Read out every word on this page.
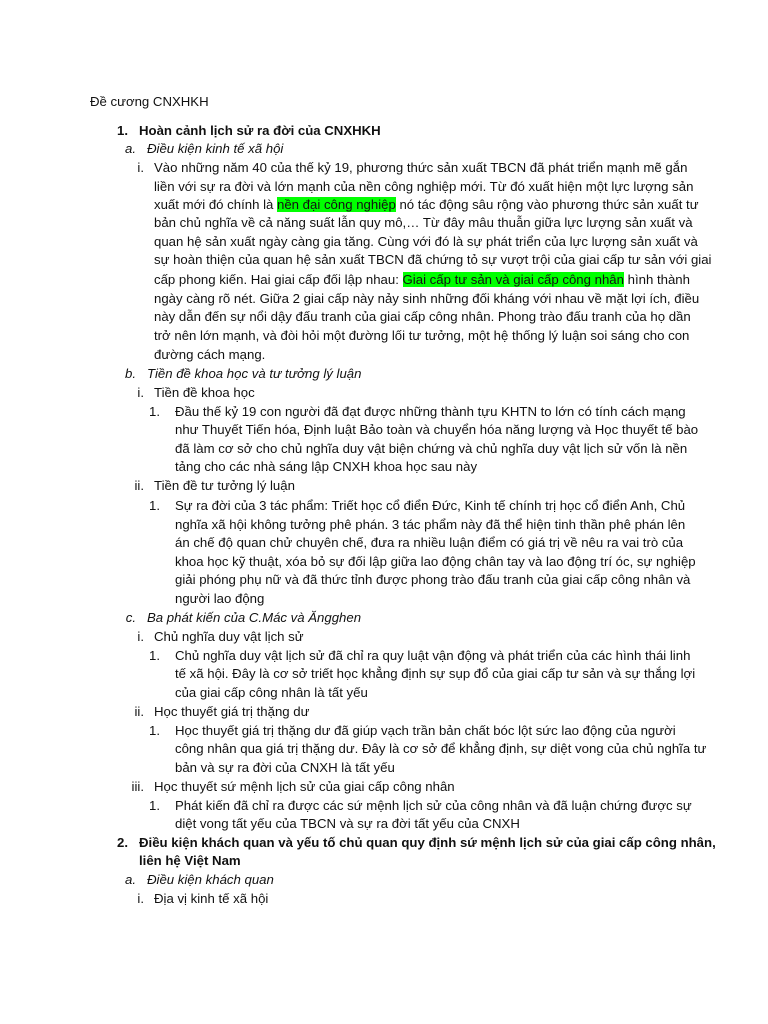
Đề cương CNXHKH
1. Hoàn cảnh lịch sử ra đời của CNXHKH
a. Điều kiện kinh tế xã hội
i. Vào những năm 40 của thế kỷ 19, phương thức sản xuất TBCN đã phát triển mạnh mẽ gắn
liền với sự ra đời và lớn mạnh của nền công nghiệp mới. Từ đó xuất hiện một lực lượng sản
xuất mới đó chính là nền đại công nghiệp nó tác động sâu rộng vào phương thức sản xuất tư
bản chủ nghĩa về cả năng suất lẫn quy mô,… Từ đây mâu thuẫn giữa lực lượng sản xuất và
quan hệ sản xuất ngày càng gia tăng. Cùng với đó là sự phát triển của lực lượng sản xuất và
sự hoàn thiện của quan hệ sản xuất TBCN đã chứng tỏ sự vượt trội của giai cấp tư sản với giai
cấp phong kiến. Hai giai cấp đối lập nhau: Giai cấp tư sản và giai cấp công nhân hình thành
ngày càng rõ nét. Giữa 2 giai cấp này nảy sinh những đối kháng với nhau về mặt lợi ích, điều
này dẫn đến sự nổi dậy đấu tranh của giai cấp công nhân. Phong trào đấu tranh của họ dần
trở nên lớn mạnh, và đòi hỏi một đường lối tư tưởng, một hệ thống lý luận soi sáng cho con
đường cách mạng.
b. Tiền đề khoa học và tư tưởng lý luận
i. Tiền đề khoa học
1. Đầu thế kỷ 19 con người đã đạt được những thành tựu KHTN to lớn có tính cách mạng
như Thuyết Tiến hóa, Định luật Bảo toàn và chuyển hóa năng lượng và Học thuyết tế bào
đã làm cơ sở cho chủ nghĩa duy vật biện chứng và chủ nghĩa duy vật lịch sử vốn là nền
tảng cho các nhà sáng lập CNXH khoa học sau này
ii. Tiền đề tư tưởng lý luận
1. Sự ra đời của 3 tác phẩm: Triết học cổ điển Đức, Kinh tế chính trị học cổ điển Anh, Chủ
nghĩa xã hội không tưởng phê phán. 3 tác phẩm này đã thể hiện tinh thần phê phán lên
án chế độ quan chử chuyên chế, đưa ra nhiều luận điểm có giá trị về nêu ra vai trò của
khoa học kỹ thuật, xóa bỏ sự đối lập giữa lao động chân tay và lao động trí óc, sự nghiệp
giải phóng phụ nữ và đã thức tỉnh được phong trào đấu tranh của giai cấp công nhân và
người lao động
c. Ba phát kiến của C.Mác và Ăngghen
i. Chủ nghĩa duy vật lịch sử
1. Chủ nghĩa duy vật lịch sử đã chỉ ra quy luật vận động và phát triển của các hình thái linh
tế xã hội. Đây là cơ sở triết học khẳng định sự sụp đổ của giai cấp tư sản và sự thắng lợi
của giai cấp công nhân là tất yếu
ii. Học thuyết giá trị thặng dư
1. Học thuyết giá trị thặng dư đã giúp vạch trần bản chất bóc lột sức lao động của người
công nhân qua giá trị thặng dư. Đây là cơ sở để khẳng định, sự diệt vong của chủ nghĩa tư
bản và sự ra đời của CNXH là tất yếu
iii. Học thuyết sứ mệnh lịch sử của giai cấp công nhân
1. Phát kiến đã chỉ ra được các sứ mệnh lịch sử của công nhân và đã luận chứng được sự
diệt vong tất yếu của TBCN và sự ra đời tất yếu của CNXH
2. Điều kiện khách quan và yếu tố chủ quan quy định sứ mệnh lịch sử của giai cấp công nhân,
liên hệ Việt Nam
a. Điều kiện khách quan
i. Địa vị kinh tế xã hội
